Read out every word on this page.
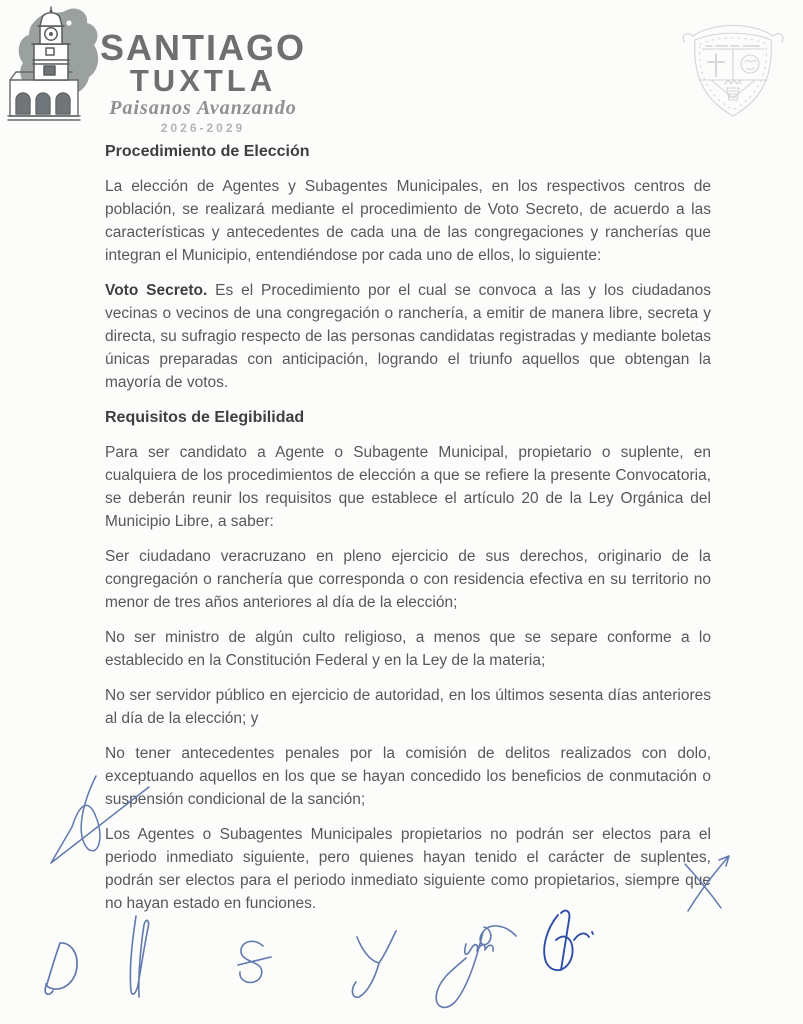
SANTIAGO
TUXTLA
Paisanos Avanzando
2026-2029
Procedimiento de Elección

La elección de Agentes y Subagentes Municipales, en los respectivos centros de población, se realizará mediante el procedimiento de Voto Secreto, de acuerdo a las características y antecedentes de cada una de las congregaciones y rancherías que integran el Municipio, entendiéndose por cada uno de ellos, lo siguiente:

Voto Secreto. Es el Procedimiento por el cual se convoca a las y los ciudadanos vecinas o vecinos de una congregación o ranchería, a emitir de manera libre, secreta y directa, su sufragio respecto de las personas candidatas registradas y mediante boletas únicas preparadas con anticipación, logrando el triunfo aquellos que obtengan la mayoría de votos.

Requisitos de Elegibilidad

Para ser candidato a Agente o Subagente Municipal, propietario o suplente, en cualquiera de los procedimientos de elección a que se refiere la presente Convocatoria, se deberán reunir los requisitos que establece el artículo 20 de la Ley Orgánica del Municipio Libre, a saber:

Ser ciudadano veracruzano en pleno ejercicio de sus derechos, originario de la congregación o ranchería que corresponda o con residencia efectiva en su territorio no menor de tres años anteriores al día de la elección;

No ser ministro de algún culto religioso, a menos que se separe conforme a lo establecido en la Constitución Federal y en la Ley de la materia;

No ser servidor público en ejercicio de autoridad, en los últimos sesenta días anteriores al día de la elección; y

No tener antecedentes penales por la comisión de delitos realizados con dolo, exceptuando aquellos en los que se hayan concedido los beneficios de conmutación o suspensión condicional de la sanción;

Los Agentes o Subagentes Municipales propietarios no podrán ser electos para el periodo inmediato siguiente, pero quienes hayan tenido el carácter de suplentes, podrán ser electos para el periodo inmediato siguiente como propietarios, siempre que no hayan estado en funciones.
